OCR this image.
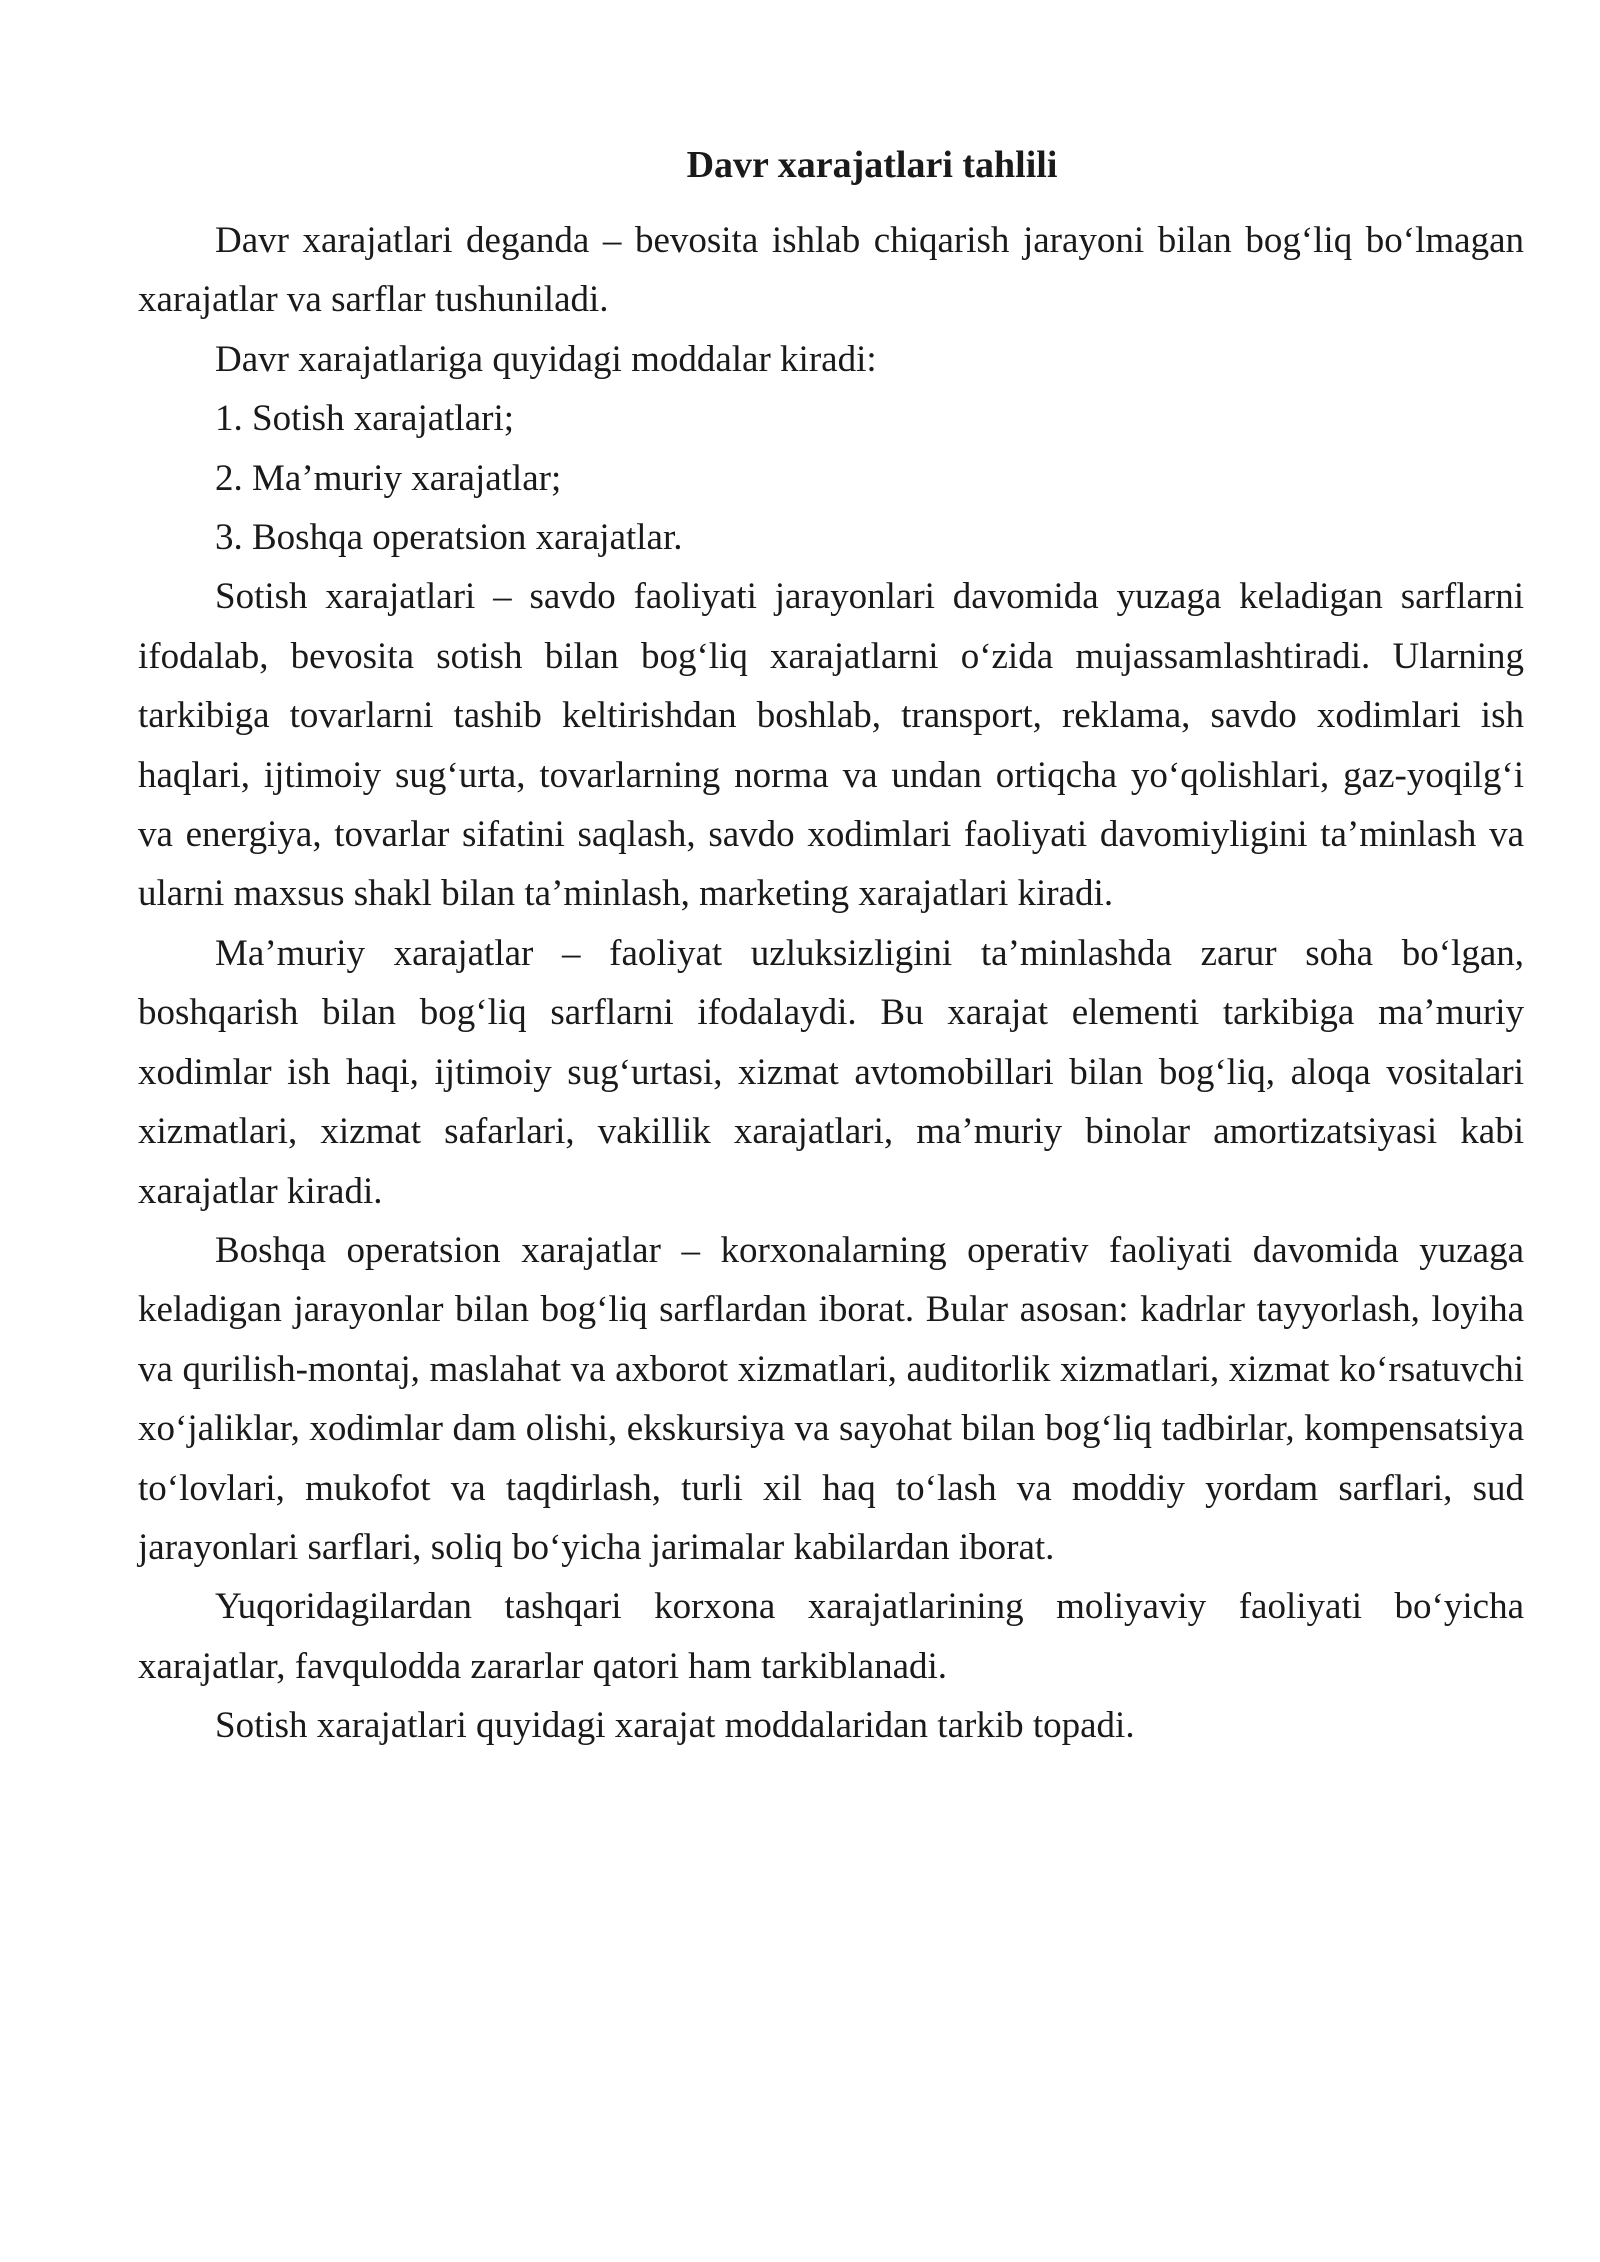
Davr xarajatlari tahlili

Davr xarajatlari deganda – bevosita ishlab chiqarish jarayoni bilan bog‘liq bo‘lmagan xarajatlar va sarflar tushuniladi.

Davr xarajatlariga quyidagi moddalar kiradi:

1. Sotish xarajatlari;

2. Ma’muriy xarajatlar;

3. Boshqa operatsion xarajatlar.

Sotish xarajatlari – savdo faoliyati jarayonlari davomida yuzaga keladigan sarflarni ifodalab, bevosita sotish bilan bog‘liq xarajatlarni o‘zida mujassamlashtiradi. Ularning tarkibiga tovarlarni tashib keltirishdan boshlab, transport, reklama, savdo xodimlari ish haqlari, ijtimoiy sug‘urta, tovarlarning norma va undan ortiqcha yo‘qolishlari, gaz-yoqilg‘i va energiya, tovarlar sifatini saqlash, savdo xodimlari faoliyati davomiyligini ta’minlash va ularni maxsus shakl bilan ta’minlash, marketing xarajatlari kiradi.

Ma’muriy xarajatlar – faoliyat uzluksizligini ta’minlashda zarur soha bo‘lgan, boshqarish bilan bog‘liq sarflarni ifodalaydi. Bu xarajat elementi tarkibiga ma’muriy xodimlar ish haqi, ijtimoiy sug‘urtasi, xizmat avtomobillari bilan bog‘liq, aloqa vositalari xizmatlari, xizmat safarlari, vakillik xarajatlari, ma’muriy binolar amortizatsiyasi kabi xarajatlar kiradi.

Boshqa operatsion xarajatlar – korxonalarning operativ faoliyati davomida yuzaga keladigan jarayonlar bilan bog‘liq sarflardan iborat. Bular asosan: kadrlar tayyorlash, loyiha va qurilish-montaj, maslahat va axborot xizmatlari, auditorlik xizmatlari, xizmat ko‘rsatuvchi xo‘jaliklar, xodimlar dam olishi, ekskursiya va sayohat bilan bog‘liq tadbirlar, kompensatsiya to‘lovlari, mukofot va taqdirlash, turli xil haq to‘lash va moddiy yordam sarflari, sud jarayonlari sarflari, soliq bo‘yicha jarimalar kabilardan iborat.

Yuqoridagilardan tashqari korxona xarajatlarining moliyaviy faoliyati bo‘yicha xarajatlar, favqulodda zararlar qatori ham tarkiblanadi.

Sotish xarajatlari quyidagi xarajat moddalaridan tarkib topadi.
